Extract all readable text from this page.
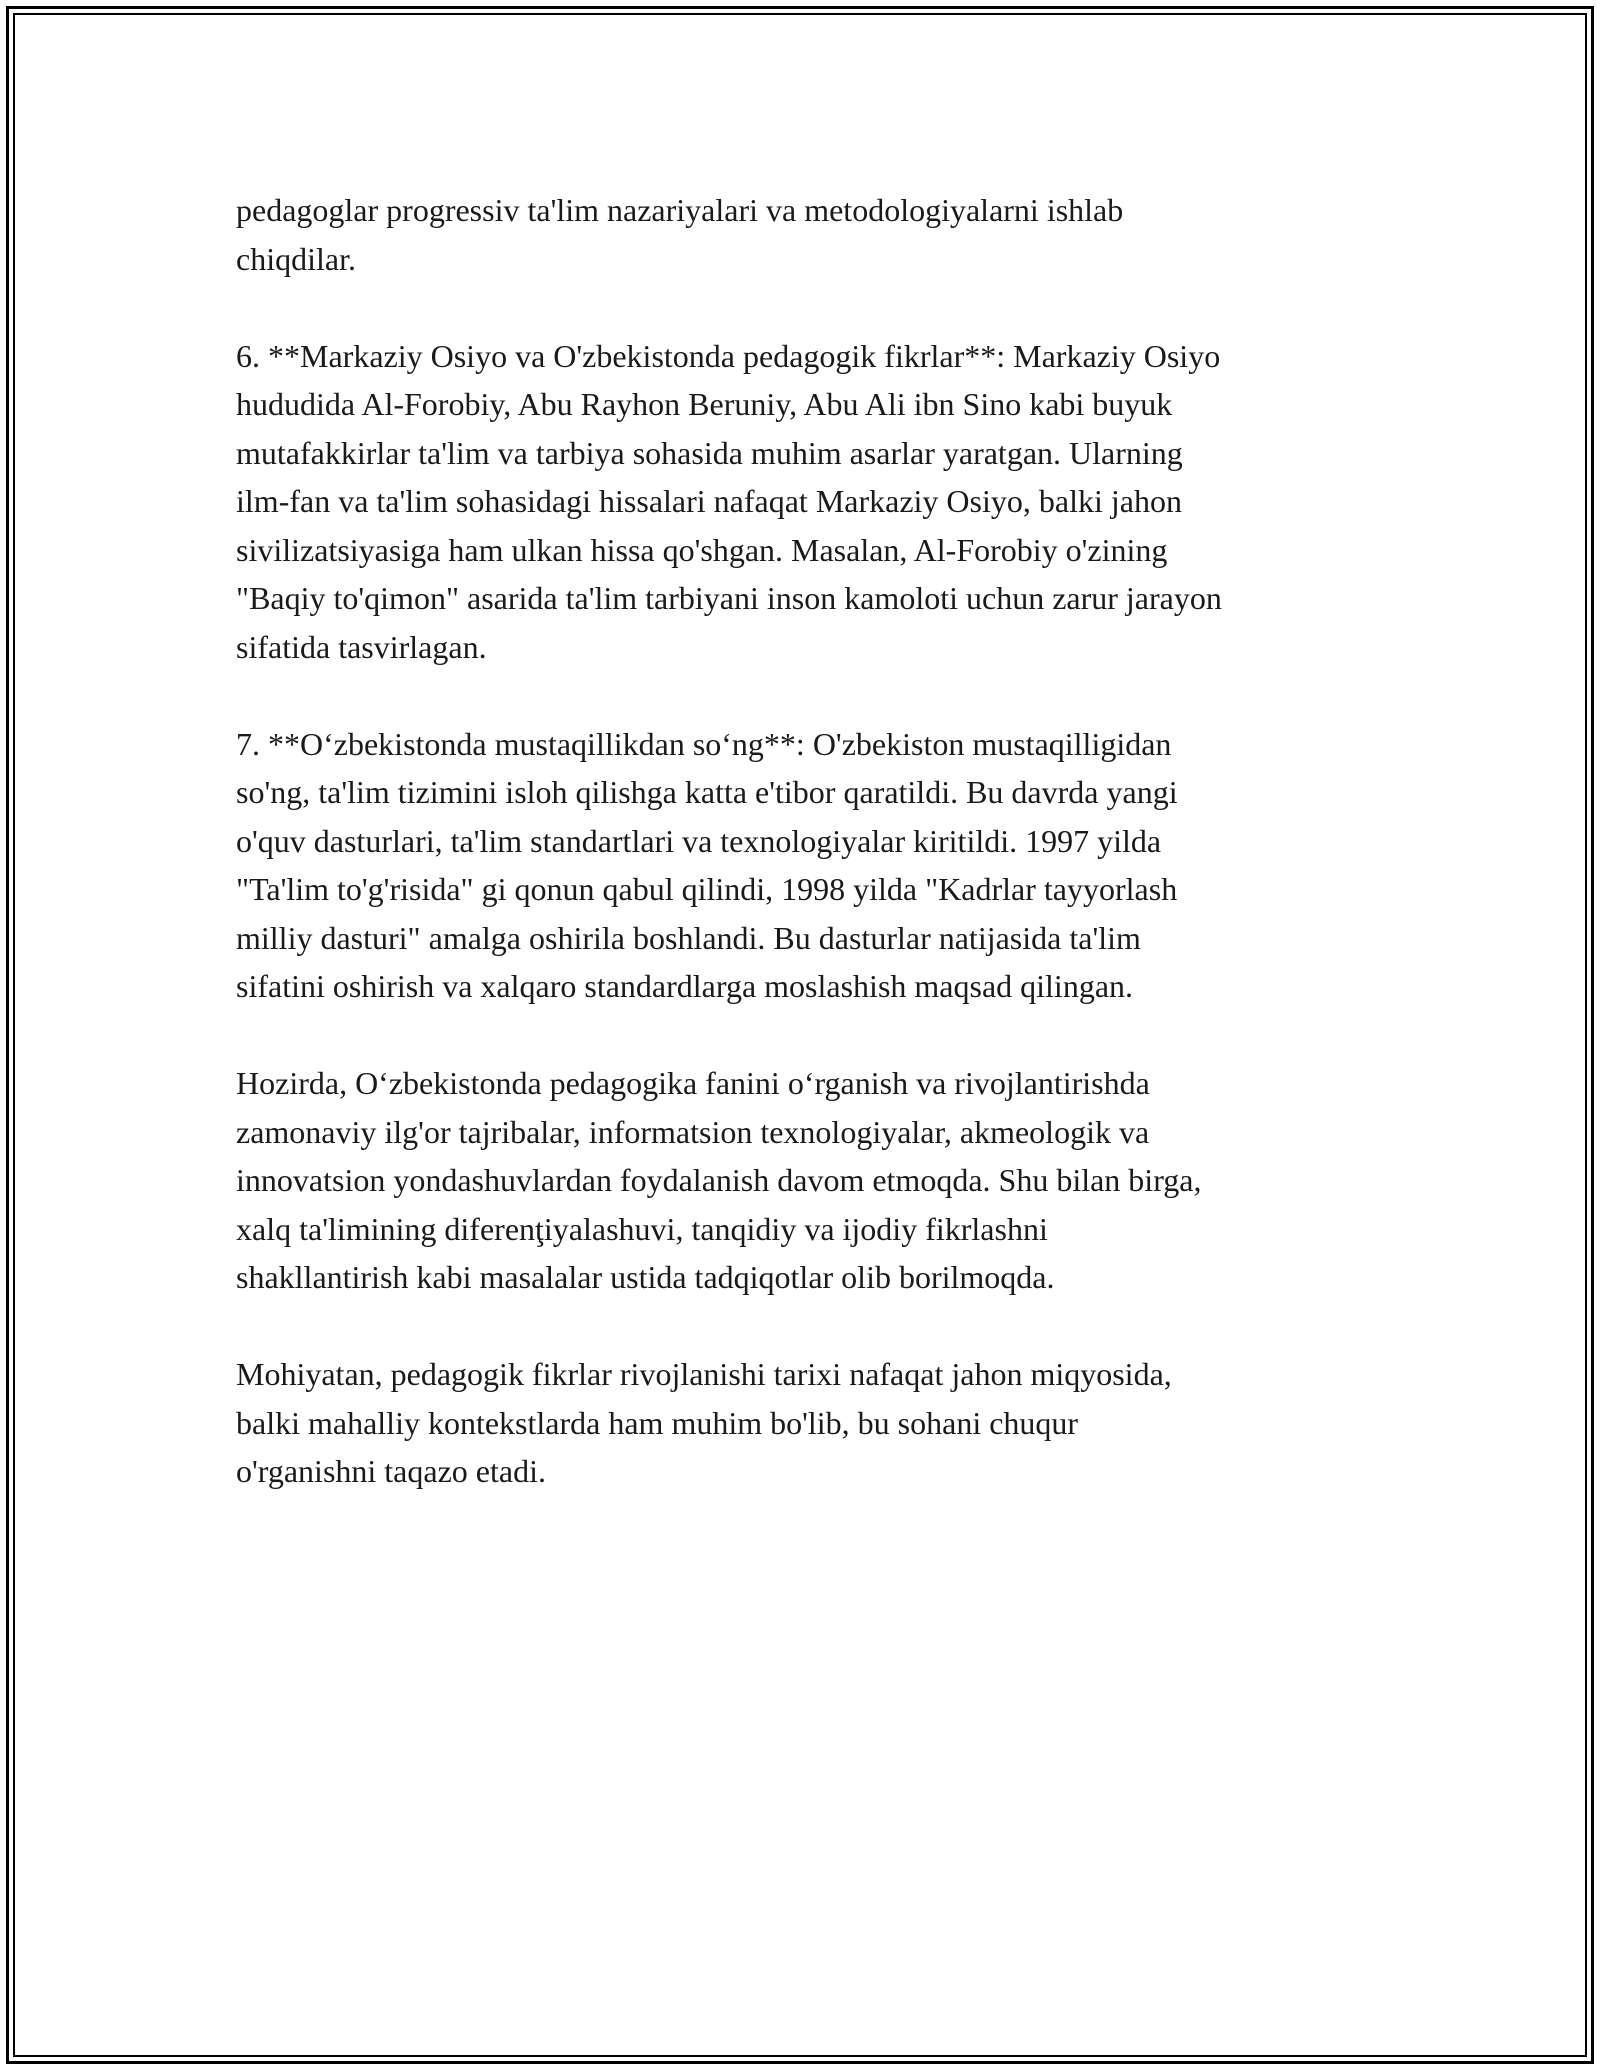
pedagoglar progressiv ta'lim nazariyalari va metodologiyalarni ishlab
chiqdilar.

6. **Markaziy Osiyo va O'zbekistonda pedagogik fikrlar**: Markaziy Osiyo
hududida Al-Forobiy, Abu Rayhon Beruniy, Abu Ali ibn Sino kabi buyuk
mutafakkirlar ta'lim va tarbiya sohasida muhim asarlar yaratgan. Ularning
ilm-fan va ta'lim sohasidagi hissalari nafaqat Markaziy Osiyo, balki jahon
sivilizatsiyasiga ham ulkan hissa qo'shgan. Masalan, Al-Forobiy o'zining
"Baqiy to'qimon" asarida ta'lim tarbiyani inson kamoloti uchun zarur jarayon
sifatida tasvirlagan.

7. **O‘zbekistonda mustaqillikdan so‘ng**: O'zbekiston mustaqilligidan
so'ng, ta'lim tizimini isloh qilishga katta e'tibor qaratildi. Bu davrda yangi
o'quv dasturlari, ta'lim standartlari va texnologiyalar kiritildi. 1997 yilda
"Ta'lim to'g'risida" gi qonun qabul qilindi, 1998 yilda "Kadrlar tayyorlash
milliy dasturi" amalga oshirila boshlandi. Bu dasturlar natijasida ta'lim
sifatini oshirish va xalqaro standardlarga moslashish maqsad qilingan.

Hozirda, O‘zbekistonda pedagogika fanini o‘rganish va rivojlantirishda
zamonaviy ilg'or tajribalar, informatsion texnologiyalar, akmeologik va
innovatsion yondashuvlardan foydalanish davom etmoqda. Shu bilan birga,
xalq ta'limining diferenţiyalashuvi, tanqidiy va ijodiy fikrlashni
shakllantirish kabi masalalar ustida tadqiqotlar olib borilmoqda.

Mohiyatan, pedagogik fikrlar rivojlanishi tarixi nafaqat jahon miqyosida,
balki mahalliy kontekstlarda ham muhim bo'lib, bu sohani chuqur
o'rganishni taqazo etadi.
